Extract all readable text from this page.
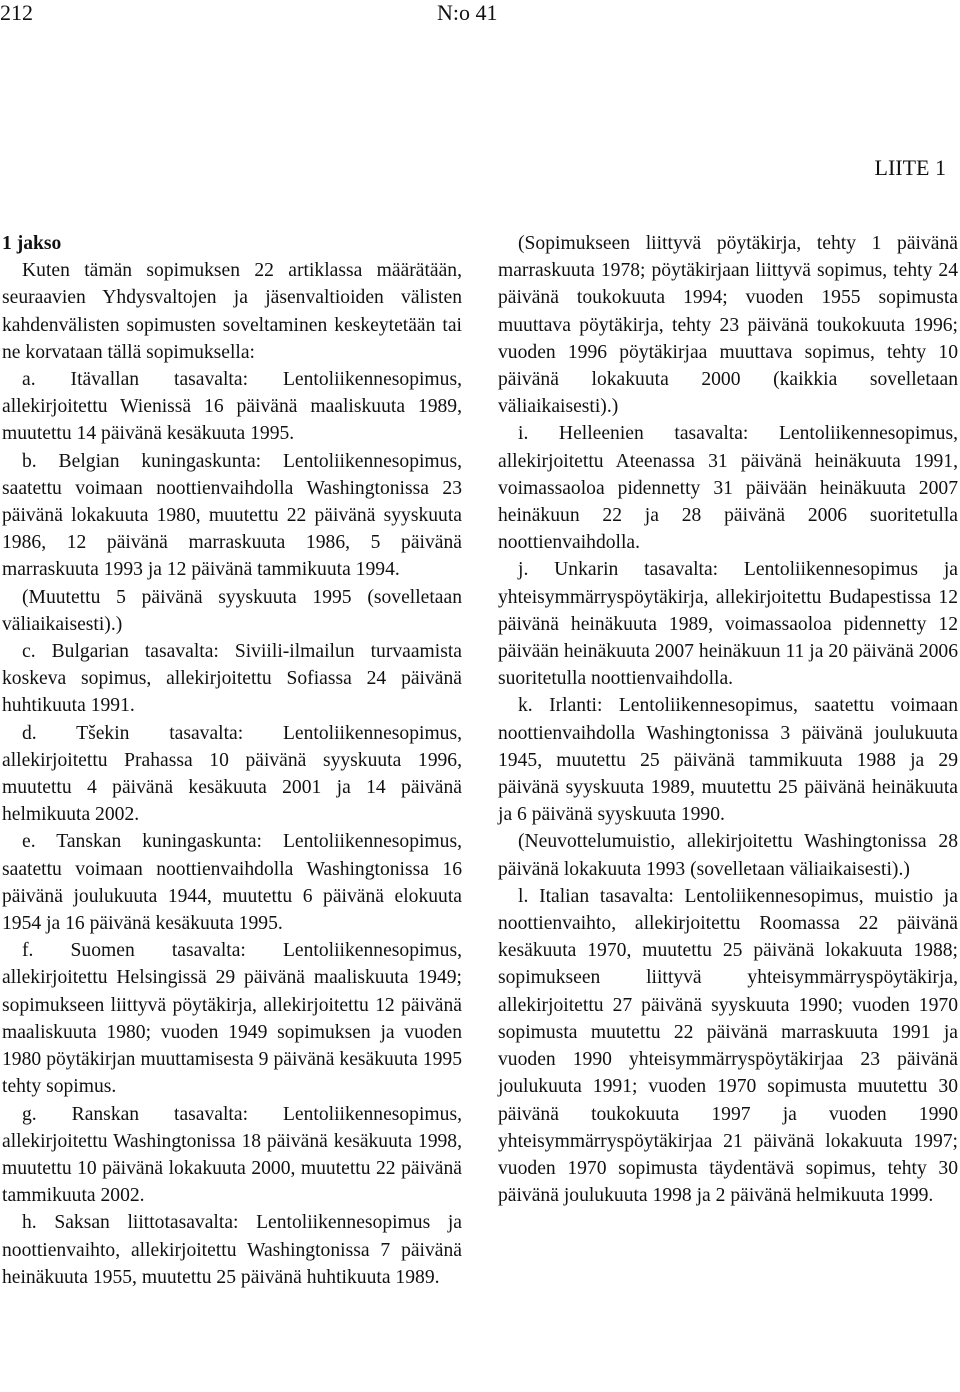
212	N:o 41
LIITE 1
1 jakso

Kuten tämän sopimuksen 22 artiklassa määrätään, seuraavien Yhdysvaltojen ja jäsenvaltioiden välisten kahdenvälisten sopimusten soveltaminen keskeytetään tai ne korvataan tällä sopimuksella:

a. Itävallan tasavalta: Lentoliikennesopimus, allekirjoitettu Wienissä 16 päivänä maaliskuuta 1989, muutettu 14 päivänä kesäkuuta 1995.

b. Belgian kuningaskunta: Lentoliikennesopimus, saatettu voimaan noottienvaihdolla Washingtonissa 23 päivänä lokakuuta 1980, muutettu 22 päivänä syyskuuta 1986, 12 päivänä marraskuuta 1986, 5 päivänä marraskuuta 1993 ja 12 päivänä tammikuuta 1994.

(Muutettu 5 päivänä syyskuuta 1995 (sovelletaan väliaikaisesti).)

c. Bulgarian tasavalta: Siviili-ilmailun turvaamista koskeva sopimus, allekirjoitettu Sofiassa 24 päivänä huhtikuuta 1991.

d. Tšekin tasavalta: Lentoliikennesopimus, allekirjoitettu Prahassa 10 päivänä syyskuuta 1996, muutettu 4 päivänä kesäkuuta 2001 ja 14 päivänä helmikuuta 2002.

e. Tanskan kuningaskunta: Lentoliikennesopimus, saatettu voimaan noottienvaihdolla Washingtonissa 16 päivänä joulukuuta 1944, muutettu 6 päivänä elokuuta 1954 ja 16 päivänä kesäkuuta 1995.

f. Suomen tasavalta: Lentoliikennesopimus, allekirjoitettu Helsingissä 29 päivänä maaliskuuta 1949; sopimukseen liittyvä pöytäkirja, allekirjoitettu 12 päivänä maaliskuuta 1980; vuoden 1949 sopimuksen ja vuoden 1980 pöytäkirjan muuttamisesta 9 päivänä kesäkuuta 1995 tehty sopimus.

g. Ranskan tasavalta: Lentoliikennesopimus, allekirjoitettu Washingtonissa 18 päivänä kesäkuuta 1998, muutettu 10 päivänä lokakuuta 2000, muutettu 22 päivänä tammikuuta 2002.

h. Saksan liittotasavalta: Lentoliikennesopimus ja noottienvaihto, allekirjoitettu Washingtonissa 7 päivänä heinäkuuta 1955, muutettu 25 päivänä huhtikuuta 1989.

(Sopimukseen liittyvä pöytäkirja, tehty 1 päivänä marraskuuta 1978; pöytäkirjaan liittyvä sopimus, tehty 24 päivänä toukokuuta 1994; vuoden 1955 sopimusta muuttava pöytäkirja, tehty 23 päivänä toukokuuta 1996; vuoden 1996 pöytäkirjaa muuttava sopimus, tehty 10 päivänä lokakuuta 2000 (kaikkia sovelletaan väliaikaisesti).)

i. Helleenien tasavalta: Lentoliikennesopimus, allekirjoitettu Ateenassa 31 päivänä heinäkuuta 1991, voimassaoloa pidennetty 31 päivään heinäkuuta 2007 heinäkuun 22 ja 28 päivänä 2006 suoritetulla noottienvaihdolla.

j. Unkarin tasavalta: Lentoliikennesopimus ja yhteisymmärryspöytäkirja, allekirjoitettu Budapestissa 12 päivänä heinäkuuta 1989, voimassaoloa pidennetty 12 päivään heinäkuuta 2007 heinäkuun 11 ja 20 päivänä 2006 suoritetulla noottienvaihdolla.

k. Irlanti: Lentoliikennesopimus, saatettu voimaan noottienvaihdolla Washingtonissa 3 päivänä joulukuuta 1945, muutettu 25 päivänä tammikuuta 1988 ja 29 päivänä syyskuuta 1989, muutettu 25 päivänä heinäkuuta ja 6 päivänä syyskuuta 1990.

(Neuvottelumuistio, allekirjoitettu Washingtonissa 28 päivänä lokakuuta 1993 (sovelletaan väliaikaisesti).)

l. Italian tasavalta: Lentoliikennesopimus, muistio ja noottienvaihto, allekirjoitettu Roomassa 22 päivänä kesäkuuta 1970, muutettu 25 päivänä lokakuuta 1988; sopimukseen liittyvä yhteisymmärryspöytäkirja, allekirjoitettu 27 päivänä syyskuuta 1990; vuoden 1970 sopimusta muutettu 22 päivänä marraskuuta 1991 ja vuoden 1990 yhteisymmärryspöytäkirjaa 23 päivänä joulukuuta 1991; vuoden 1970 sopimusta muutettu 30 päivänä toukokuuta 1997 ja vuoden 1990 yhteisymmärryspöytäkirjaa 21 päivänä lokakuuta 1997; vuoden 1970 sopimusta täydentävä sopimus, tehty 30 päivänä joulukuuta 1998 ja 2 päivänä helmikuuta 1999.
